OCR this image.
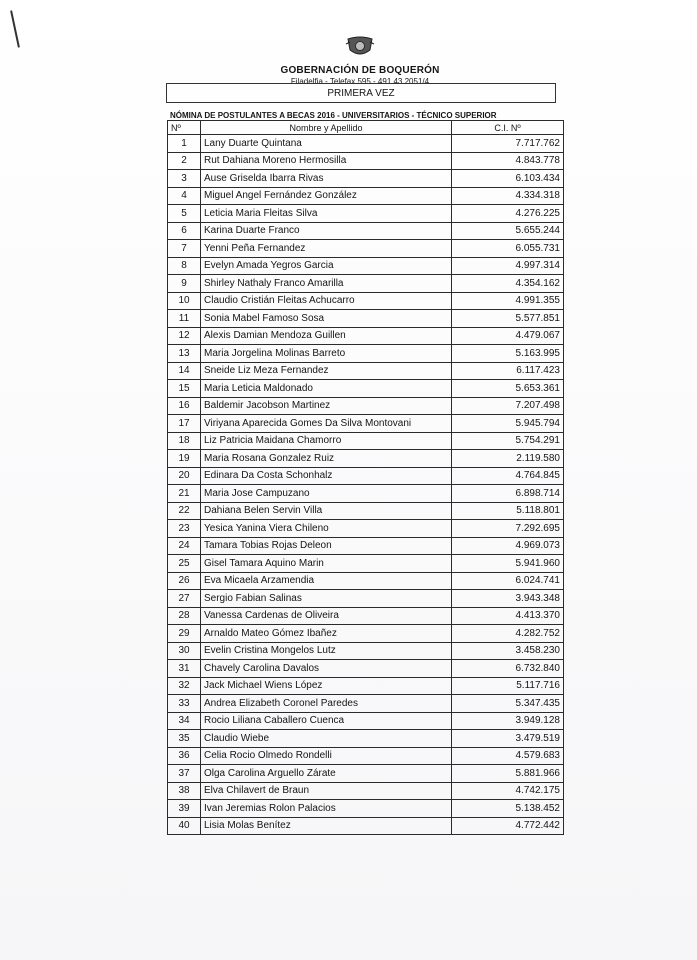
GOBERNACIÓN DE BOQUERÓN
Filadelfia - Telefax 595 - 491 43 2051/4
PRIMERA VEZ
NÓMINA DE POSTULANTES A BECAS 2016 - UNIVERSITARIOS - TÉCNICO SUPERIOR
Nº	Nombre y Apellido	C.I. Nº
1	Lany Duarte Quintana	7.717.762
2	Rut Dahiana Moreno Hermosilla	4.843.778
3	Ause Griselda Ibarra Rivas	6.103.434
4	Miguel Angel Fernández González	4.334.318
5	Leticia Maria Fleitas Silva	4.276.225
6	Karina Duarte Franco	5.655.244
7	Yenni Peña Fernandez	6.055.731
8	Evelyn Amada Yegros Garcia	4.997.314
9	Shirley Nathaly Franco Amarilla	4.354.162
10	Claudio Cristián Fleitas Achucarro	4.991.355
11	Sonia Mabel Famoso Sosa	5.577.851
12	Alexis Damian Mendoza Guillen	4.479.067
13	Maria Jorgelina Molinas Barreto	5.163.995
14	Sneide Liz Meza Fernandez	6.117.423
15	Maria Leticia Maldonado	5.653.361
16	Baldemir Jacobson Martinez	7.207.498
17	Viriyana Aparecida Gomes Da Silva Montovani	5.945.794
18	Liz Patricia Maidana Chamorro	5.754.291
19	Maria Rosana Gonzalez Ruiz	2.119.580
20	Edinara Da Costa Schonhalz	4.764.845
21	Maria Jose Campuzano	6.898.714
22	Dahiana Belen Servin Villa	5.118.801
23	Yesica Yanina Viera Chileno	7.292.695
24	Tamara Tobias Rojas Deleon	4.969.073
25	Gisel Tamara Aquino Marin	5.941.960
26	Eva Micaela Arzamendia	6.024.741
27	Sergio Fabian Salinas	3.943.348
28	Vanessa Cardenas de Oliveira	4.413.370
29	Arnaldo Mateo Gómez Ibañez	4.282.752
30	Evelin Cristina Mongelos Lutz	3.458.230
31	Chavely Carolina Davalos	6.732.840
32	Jack Michael Wiens López	5.117.716
33	Andrea Elizabeth Coronel Paredes	5.347.435
34	Rocio Liliana Caballero Cuenca	3.949.128
35	Claudio Wiebe	3.479.519
36	Celia Rocio Olmedo Rondelli	4.579.683
37	Olga Carolina Arguello Zárate	5.881.966
38	Elva Chilavert de Braun	4.742.175
39	Ivan Jeremias Rolon Palacios	5.138.452
40	Lisia Molas Benítez	4.772.442
